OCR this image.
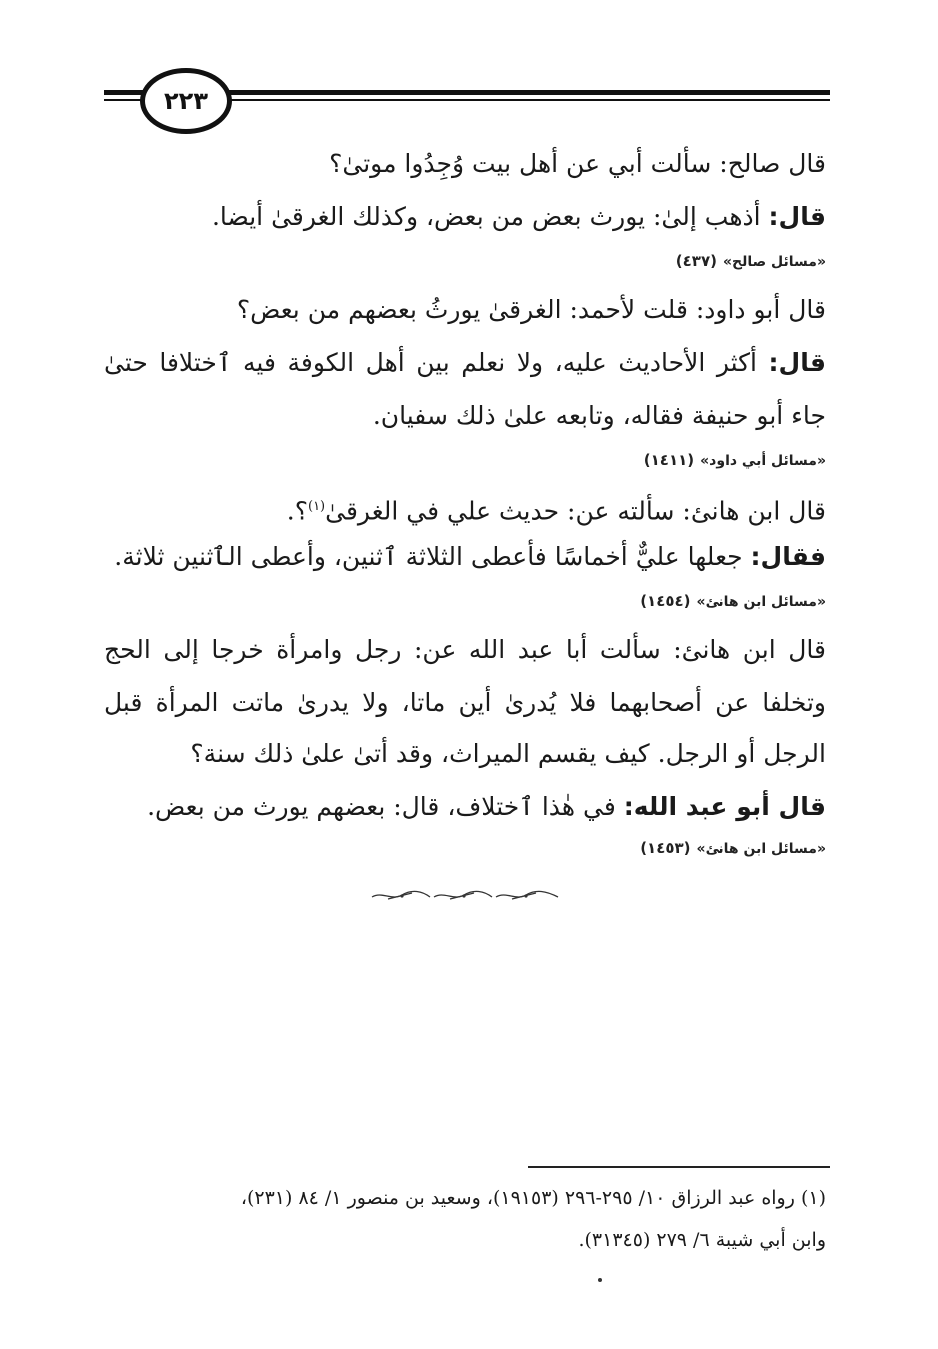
٢٢٣
قال صالح: سألت أبي عن أهل بيت وُجِدُوا موتىٰ؟
قال: أذهب إلىٰ: يورث بعض من بعض، وكذلك الغرقىٰ أيضا.
«مسائل صالح»(٤٣٧)
قال أبو داود: قلت لأحمد: الغرقىٰ يورثُ بعضهم من بعض؟
قال: أكثر الأحاديث عليه، ولا نعلم بين أهل الكوفة فيه ٱختلافا حتىٰ
جاء أبو حنيفة فقاله، وتابعه علىٰ ذلك سفيان.
«مسائل أبي داود»(١٤١١)
قال ابن هانئ: سألته عن: حديث علي في الغرقىٰ$^{(١)}$؟.
فقال: جعلها عليٌّ أخماسًا فأعطى الثلاثة ٱثنين، وأعطى الٱثنين ثلاثة.
«مسائل ابن هانئ»(١٤٥٤)
قال ابن هانئ: سألت أبا عبد الله عن: رجل وامرأة خرجا إلى الحج
وتخلفا عن أصحابهما فلا يُدرىٰ أين ماتا، ولا يدرىٰ ماتت المرأة قبل
الرجل أو الرجل. كيف يقسم الميراث، وقد أتىٰ علىٰ ذلك سنة؟
قال أبو عبد الله: في هٰذا ٱختلاف، قال: بعضهم يورث من بعض.
«مسائل ابن هانئ»(١٤٥٣)
(١) رواه عبد الرزاق ١٠/ ٢٩٥-٢٩٦ (١٩١٥٣)، وسعيد بن منصور ١/ ٨٤ (٢٣١)،
وابن أبي شيبة ٦/ ٢٧٩ (٣١٣٤٥).
